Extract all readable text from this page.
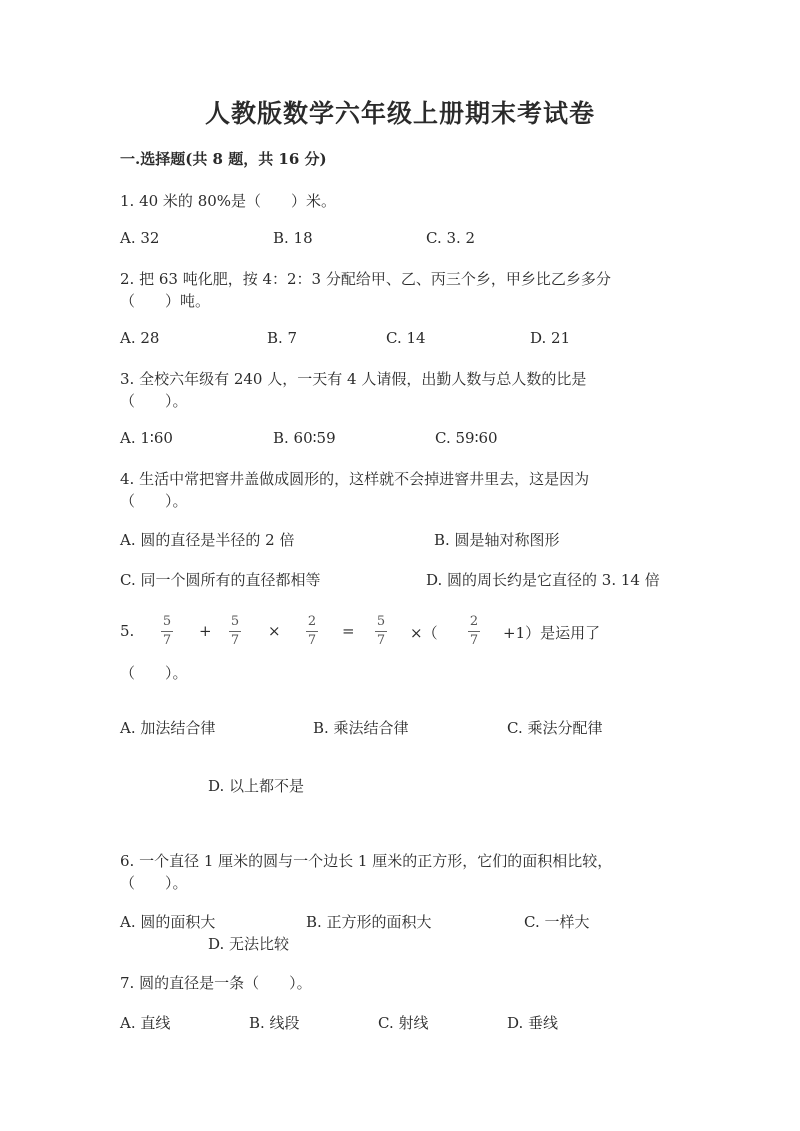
人教版数学六年级上册期末考试卷
一.选择题(共 8 题，共 16 分)
1. 40 米的 80%是（　　）米。
A. 32	B. 18	C. 3. 2
2. 把 63 吨化肥，按 4：2：3 分配给甲、乙、丙三个乡，甲乡比乙乡多分
（　　）吨。
A. 28	B. 7	C. 14	D. 21
3. 全校六年级有 240 人，一天有 4 人请假，出勤人数与总人数的比是
（　　）。
A. 1∶60	B. 60∶59	C. 59∶60
4. 生活中常把窨井盖做成圆形的，这样就不会掉进窨井里去，这是因为
（　　）。
A. 圆的直径是半径的 2 倍	B. 圆是轴对称图形
C. 同一个圆所有的直径都相等	D. 圆的周长约是它直径的 3. 14 倍
5.
5
7
+
5
7
×
2
7
=
5
7 ×（
2
7 +1）是运用了
（　　）。
A. 加法结合律	B. 乘法结合律	C. 乘法分配律
D. 以上都不是
6. 一个直径 1 厘米的圆与一个边长 1 厘米的正方形，它们的面积相比较，
（　　）。
A. 圆的面积大	B. 正方形的面积大	C. 一样大
D. 无法比较
7. 圆的直径是一条（　　）。
A. 直线	B. 线段	C. 射线	D. 垂线
